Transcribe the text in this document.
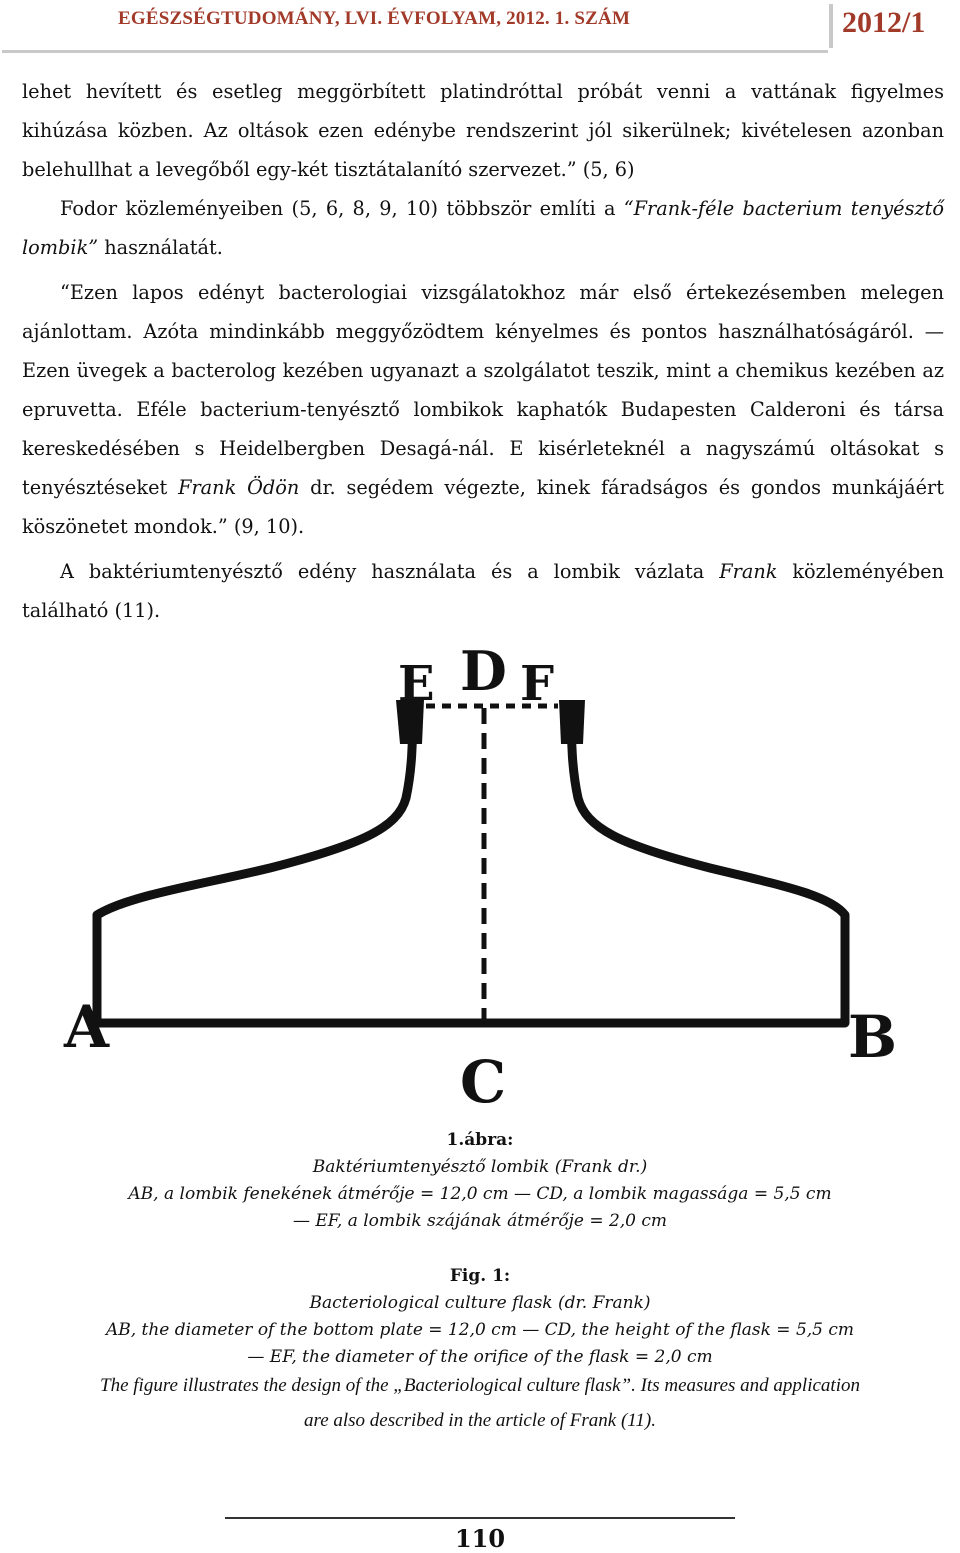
EGÉSZSÉGTUDOMÁNY, LVI. ÉVFOLYAM, 2012. 1. SZÁM	2012/1

lehet hevített és esetleg meggörbített platindróttal próbát venni a vattának figyelmes kihúzása közben. Az oltások ezen edénybe rendszerint jól sikerülnek; kivételesen azonban belehullhat a levegőből egy-két tisztátalanító szervezet.” (5, 6)

Fodor közleményeiben (5, 6, 8, 9, 10) többször említi a “Frank-féle bacterium tenyésztő lombik” használatát.

“Ezen lapos edényt bacterologiai vizsgálatokhoz már első értekezésemben melegen ajánlottam. Azóta mindinkább meggyőzödtem kényelmes és pontos használhatóságáról. — Ezen üvegek a bacterolog kezében ugyanazt a szolgálatot teszik, mint a chemikus kezében az epruvetta. Eféle bacterium-tenyésztő lombikok kaphatók Budapesten Calderoni és társa kereskedésében s Heidelbergben Desagá-nál. E kisérleteknél a nagyszámú oltásokat s tenyésztéseket Frank Ödön dr. segédem végezte, kinek fáradságos és gondos munkájáért köszönetet mondok.” (9, 10).

A baktériumtenyésztő edény használata és a lombik vázlata Frank közleményében található (11).

A	B
C
D
E F
1.ábra:
Baktériumtenyésztő lombik (Frank dr.)
AB, a lombik fenekének átmérője = 12,0 cm — CD, a lombik magassága = 5,5 cm
— EF, a lombik szájának átmérője = 2,0 cm
Fig. 1:
Bacteriological culture flask (dr. Frank)
AB, the diameter of the bottom plate = 12,0 cm — CD, the height of the flask = 5,5 cm
— EF, the diameter of the orifice of the flask = 2,0 cm
The figure illustrates the design of the „Bacteriological culture flask”. Its measures and application
are also described in the article of Frank (11).
110
